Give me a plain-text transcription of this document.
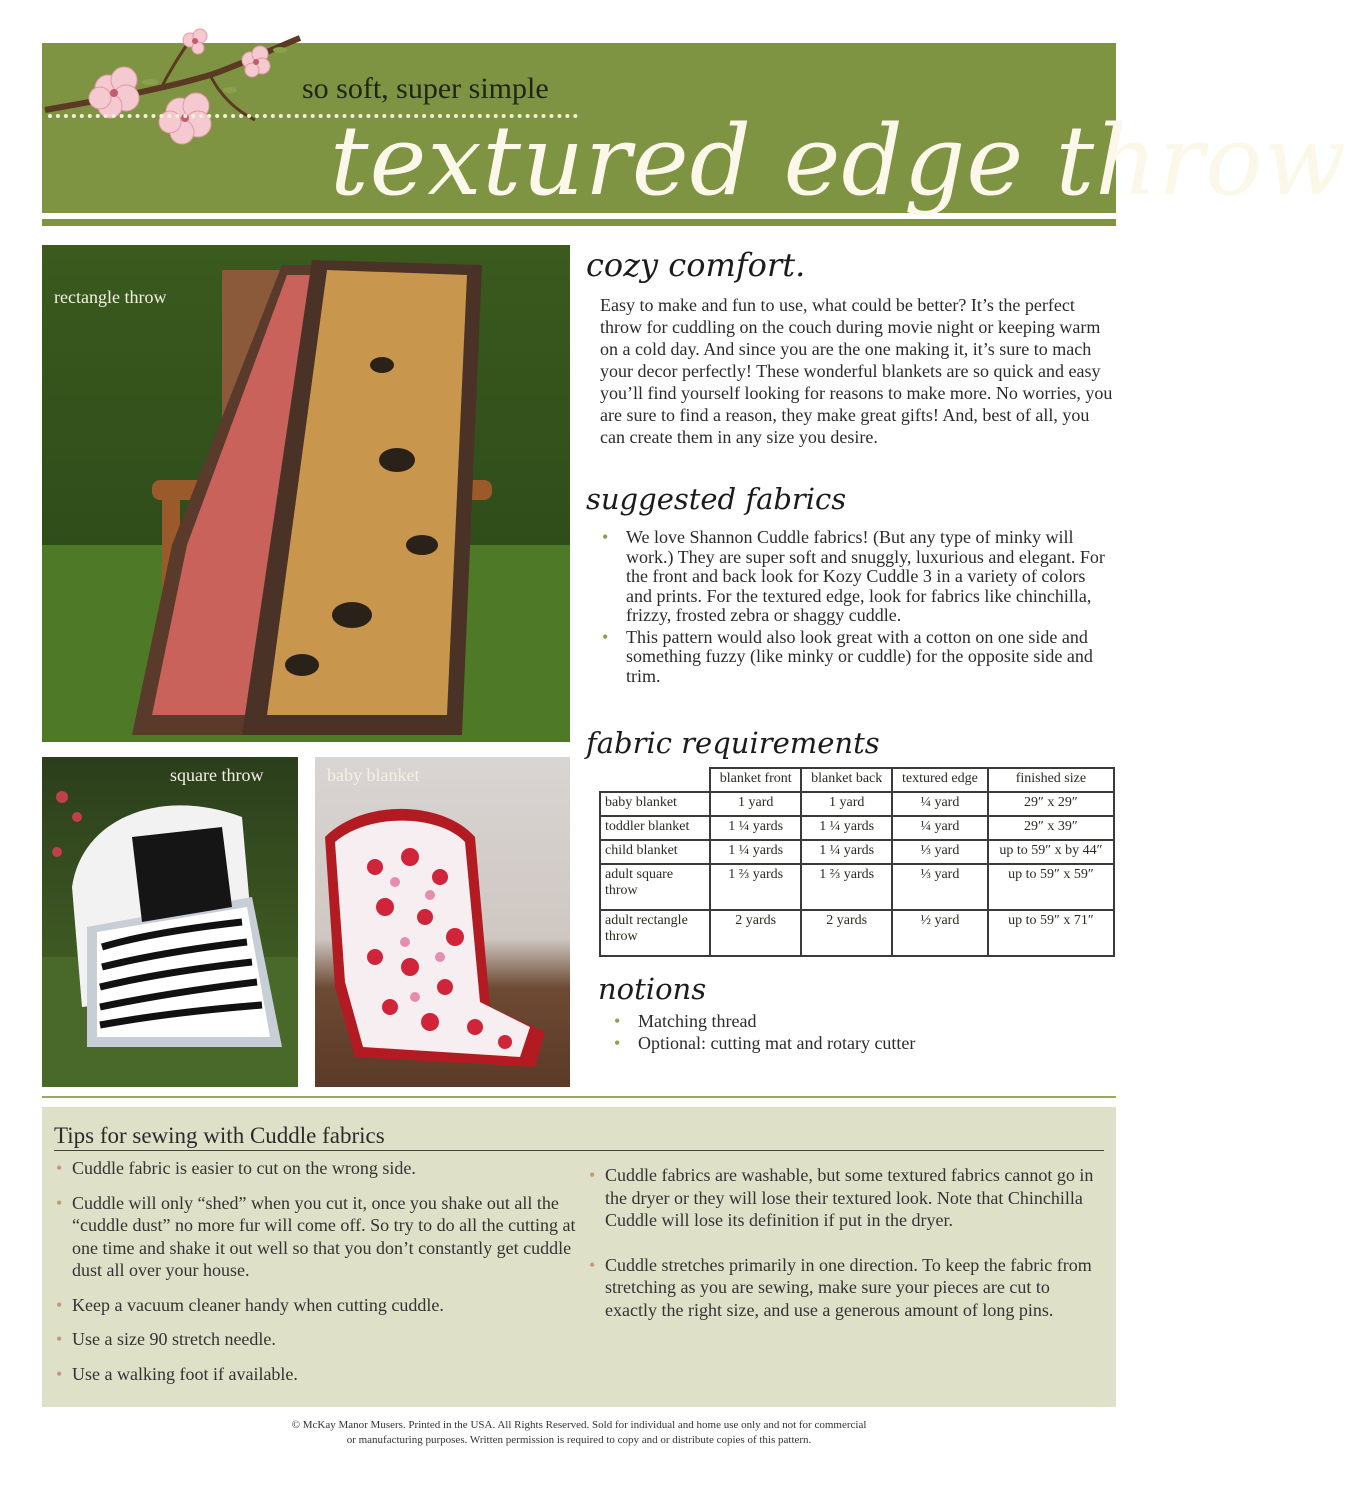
so soft, super simple
textured edge throw
rectangle throw
square throw	baby blanket
cozy comfort.
Easy to make and fun to use, what could be better? It’s the perfect throw for cuddling on the couch during movie night or keeping warm on a cold day. And since you are the one making it, it’s sure to mach your decor perfectly! These wonderful blankets are so quick and easy you’ll find yourself looking for reasons to make more. No worries, you are sure to find a reason, they make great gifts! And, best of all, you can create them in any size you desire.
suggested fabrics
• We love Shannon Cuddle fabrics! (But any type of minky will work.) They are super soft and snuggly, luxurious and elegant. For the front and back look for Kozy Cuddle 3 in a variety of colors and prints. For the textured edge, look for fabrics like chinchilla, frizzy, frosted zebra or shaggy cuddle.
• This pattern would also look great with a cotton on one side and something fuzzy (like minky or cuddle) for the opposite side and trim.
fabric requirements
	blanket front	blanket back	textured edge	finished size
baby blanket	1 yard	1 yard	¼ yard	29″ x 29″
toddler blanket	1 ¼ yards	1 ¼ yards	¼ yard	29″ x 39″
child blanket	1 ¼ yards	1 ¼ yards	⅓ yard	up to 59″ x by 44″
adult square throw	1 ⅔ yards	1 ⅔ yards	⅓ yard	up to 59″ x 59″
adult rectangle throw	2 yards	2 yards	½ yard	up to 59″ x 71″
notions
• Matching thread
• Optional: cutting mat and rotary cutter
Tips for sewing with Cuddle fabrics
• Cuddle fabric is easier to cut on the wrong side.
• Cuddle will only “shed” when you cut it, once you shake out all the “cuddle dust” no more fur will come off. So try to do all the cutting at one time and shake it out well so that you don’t constantly get cuddle dust all over your house.
• Keep a vacuum cleaner handy when cutting cuddle.
• Use a size 90 stretch needle.
• Use a walking foot if available.
• Cuddle fabrics are washable, but some textured fabrics cannot go in the dryer or they will lose their textured look. Note that Chinchilla Cuddle will lose its definition if put in the dryer.
• Cuddle stretches primarily in one direction. To keep the fabric from stretching as you are sewing, make sure your pieces are cut to exactly the right size, and use a generous amount of long pins.
© McKay Manor Musers. Printed in the USA. All Rights Reserved. Sold for individual and home use only and not for commercial
or manufacturing purposes. Written permission is required to copy and or distribute copies of this pattern.
